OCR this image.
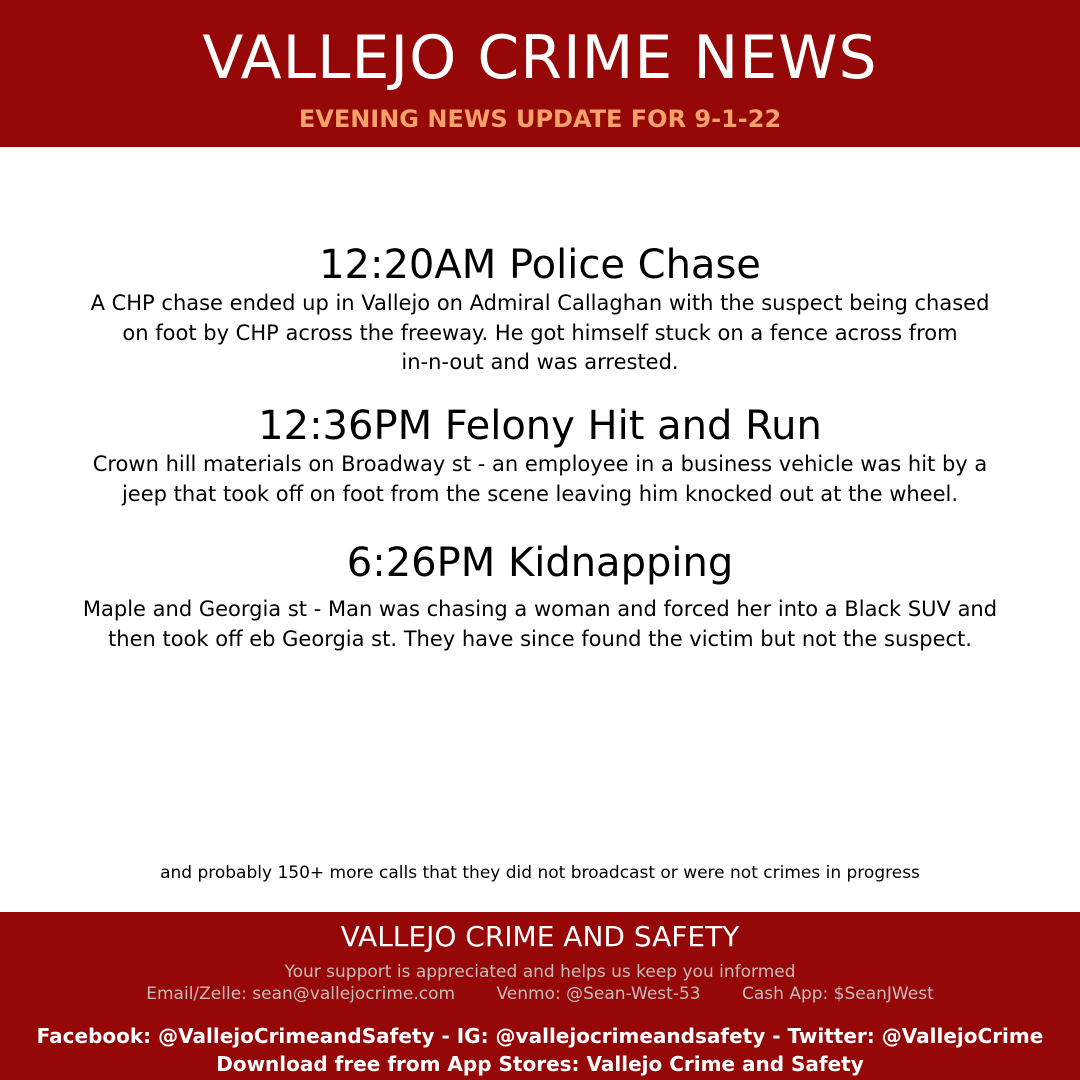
VALLEJO CRIME NEWS
EVENING NEWS UPDATE FOR 9-1-22
12:20AM Police Chase
A CHP chase ended up in Vallejo on Admiral Callaghan with the suspect being chased
on foot by CHP across the freeway. He got himself stuck on a fence across from
in-n-out and was arrested.
12:36PM Felony Hit and Run
Crown hill materials on Broadway st - an employee in a business vehicle was hit by a
jeep that took off on foot from the scene leaving him knocked out at the wheel.
6:26PM Kidnapping
Maple and Georgia st - Man was chasing a woman and forced her into a Black SUV and
then took off eb Georgia st. They have since found the victim but not the suspect.
and probably 150+ more calls that they did not broadcast or were not crimes in progress
VALLEJO CRIME AND SAFETY
Your support is appreciated and helps us keep you informed
Email/Zelle: sean@vallejocrime.com Venmo: @Sean-West-53 Cash App: $SeanJWest
Facebook: @VallejoCrimeandSafety - IG: @vallejocrimeandsafety - Twitter: @VallejoCrime
Download free from App Stores: Vallejo Crime and Safety
